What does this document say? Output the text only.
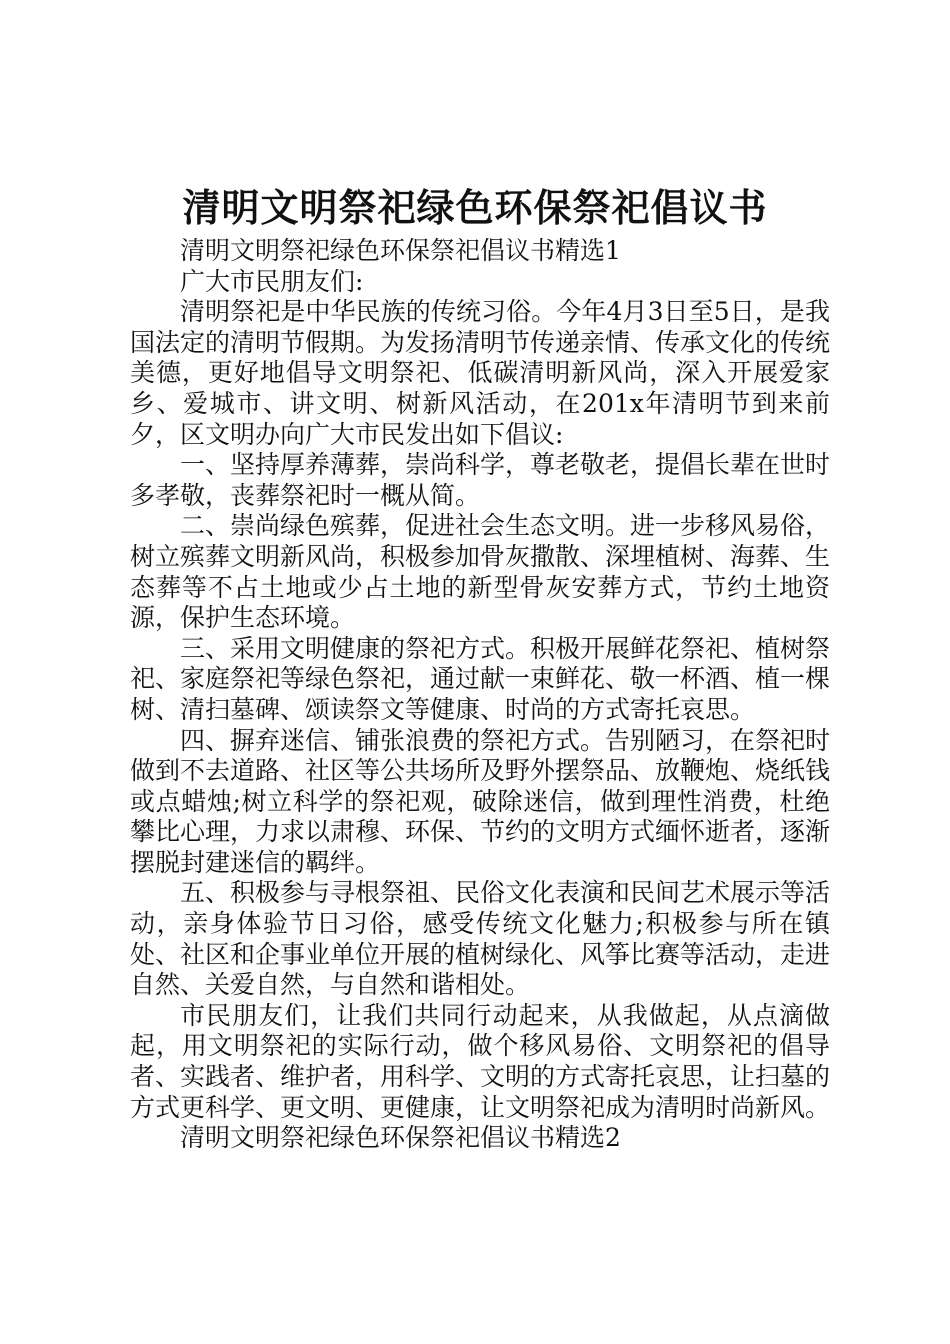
清明文明祭祀绿色环保祭祀倡议书

清明文明祭祀绿色环保祭祀倡议书精选1

广大市民朋友们:

清明祭祀是中华民族的传统习俗。今年4月3日至5日，是我国法定的清明节假期。为发扬清明节传递亲情、传承文化的传统美德，更好地倡导文明祭祀、低碳清明新风尚，深入开展爱家乡、爱城市、讲文明、树新风活动，在201x年清明节到来前夕，区文明办向广大市民发出如下倡议:

一、坚持厚养薄葬，崇尚科学，尊老敬老，提倡长辈在世时多孝敬，丧葬祭祀时一概从简。

二、崇尚绿色殡葬，促进社会生态文明。进一步移风易俗，树立殡葬文明新风尚，积极参加骨灰撒散、深埋植树、海葬、生态葬等不占土地或少占土地的新型骨灰安葬方式，节约土地资源，保护生态环境。

三、采用文明健康的祭祀方式。积极开展鲜花祭祀、植树祭祀、家庭祭祀等绿色祭祀，通过献一束鲜花、敬一杯酒、植一棵树、清扫墓碑、颂读祭文等健康、时尚的方式寄托哀思。

四、摒弃迷信、铺张浪费的祭祀方式。告别陋习，在祭祀时做到不去道路、社区等公共场所及野外摆祭品、放鞭炮、烧纸钱或点蜡烛;树立科学的祭祀观，破除迷信，做到理性消费，杜绝攀比心理，力求以肃穆、环保、节约的文明方式缅怀逝者，逐渐摆脱封建迷信的羁绊。

五、积极参与寻根祭祖、民俗文化表演和民间艺术展示等活动，亲身体验节日习俗，感受传统文化魅力;积极参与所在镇处、社区和企事业单位开展的植树绿化、风筝比赛等活动，走进自然、关爱自然，与自然和谐相处。

市民朋友们，让我们共同行动起来，从我做起，从点滴做起，用文明祭祀的实际行动，做个移风易俗、文明祭祀的倡导者、实践者、维护者，用科学、文明的方式寄托哀思，让扫墓的方式更科学、更文明、更健康，让文明祭祀成为清明时尚新风。

清明文明祭祀绿色环保祭祀倡议书精选2
